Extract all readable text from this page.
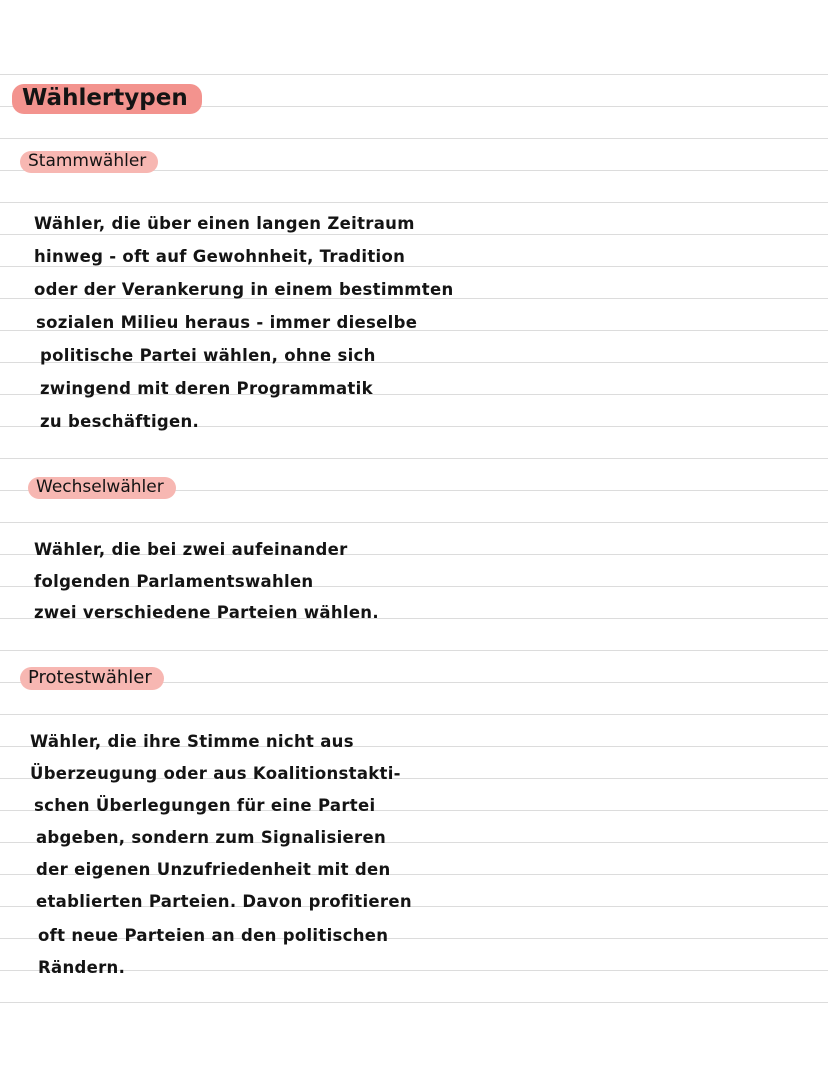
Wählertypen
Stammwähler
Wähler, die über einen langen Zeitraum
hinweg - oft auf Gewohnheit, Tradition
oder der Verankerung in einem bestimmten
sozialen Milieu heraus - immer dieselbe
politische Partei wählen, ohne sich
zwingend mit deren Programmatik
zu beschäftigen.
Wechselwähler
Wähler, die bei zwei aufeinander
folgenden Parlamentswahlen
zwei verschiedene Parteien wählen.
Protestwähler
Wähler, die ihre Stimme nicht aus
Überzeugung oder aus Koalitionstakti-
schen Überlegungen für eine Partei
abgeben, sondern zum Signalisieren
der eigenen Unzufriedenheit mit den
etablierten Parteien. Davon profitieren
oft neue Parteien an den politischen
Rändern.
